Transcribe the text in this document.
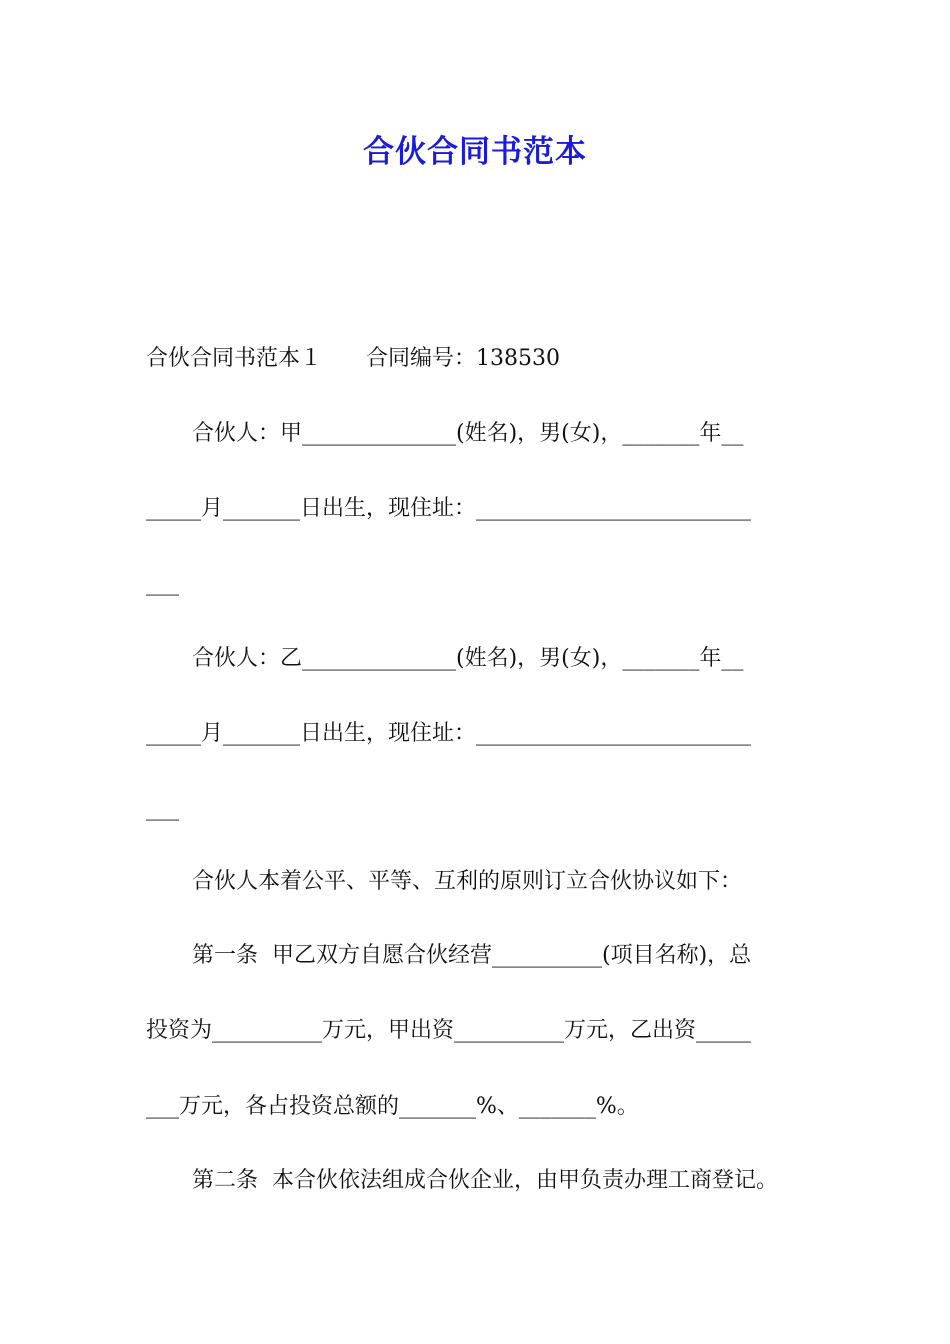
合伙合同书范本
合伙合同书范本１　　合同编号：138530
合伙人：甲______________(姓名)，男(女)，_______年__
_____月_______日出生，现住址：_________________________
___
合伙人：乙______________(姓名)，男(女)，_______年__
_____月_______日出生，现住址：_________________________
___
合伙人本着公平、平等、互利的原则订立合伙协议如下：
第一条  甲乙双方自愿合伙经营__________(项目名称)，总
投资为__________万元，甲出资__________万元，乙出资_____
___万元，各占投资总额的_______%、_______%。
第二条  本合伙依法组成合伙企业，由甲负责办理工商登记。
